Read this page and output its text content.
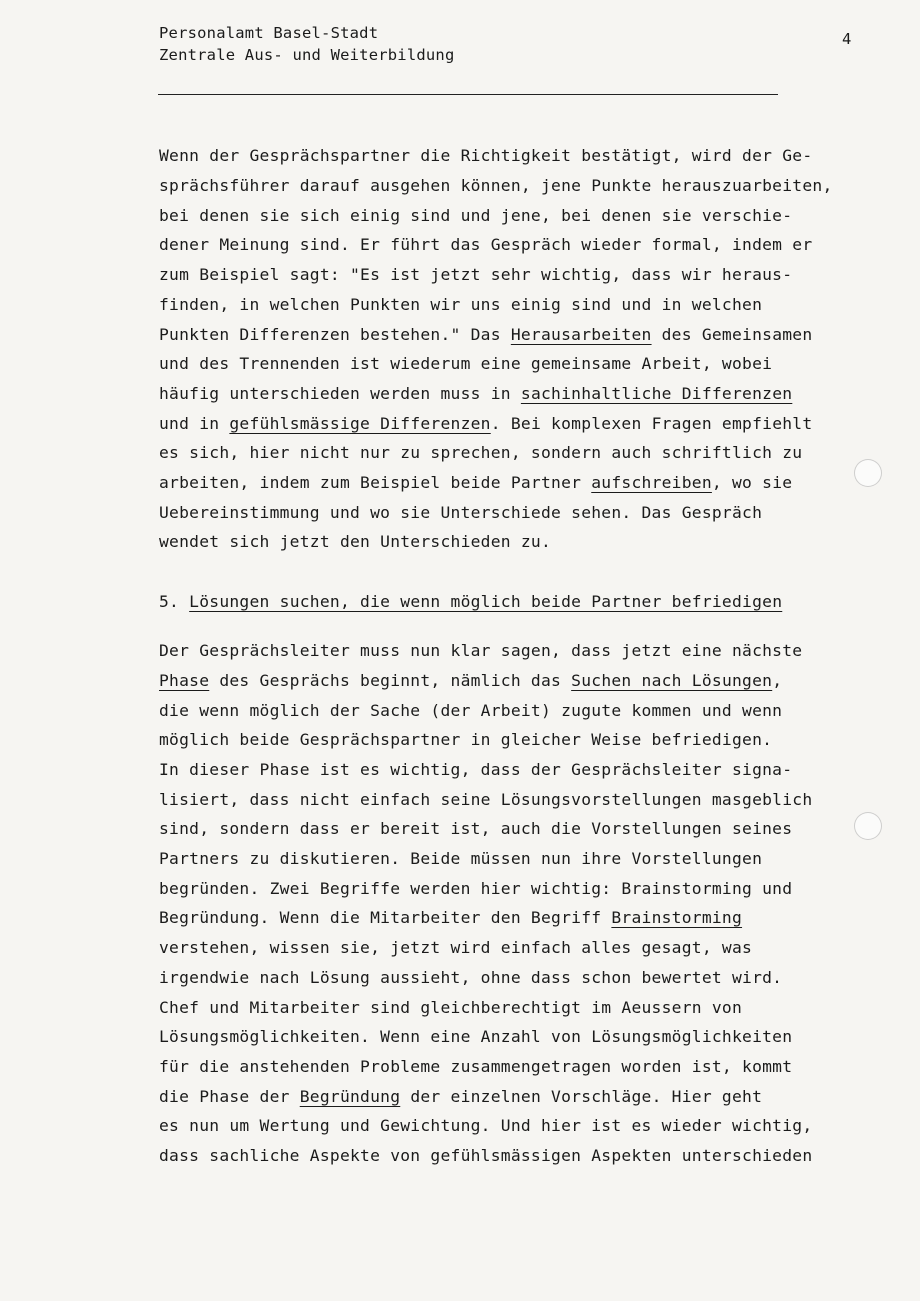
Personalamt Basel-Stadt
Zentrale Aus- und Weiterbildung
4
Wenn der Gesprächspartner die Richtigkeit bestätigt, wird der Ge-
sprächsführer darauf ausgehen können, jene Punkte herauszuarbeiten,
bei denen sie sich einig sind und jene, bei denen sie verschie-
dener Meinung sind. Er führt das Gespräch wieder formal, indem er
zum Beispiel sagt: "Es ist jetzt sehr wichtig, dass wir heraus-
finden, in welchen Punkten wir uns einig sind und in welchen
Punkten Differenzen bestehen." Das Herausarbeiten des Gemeinsamen
und des Trennenden ist wiederum eine gemeinsame Arbeit, wobei
häufig unterschieden werden muss in sachinhaltliche Differenzen
und in gefühlsmässige Differenzen. Bei komplexen Fragen empfiehlt
es sich, hier nicht nur zu sprechen, sondern auch schriftlich zu
arbeiten, indem zum Beispiel beide Partner aufschreiben, wo sie
Uebereinstimmung und wo sie Unterschiede sehen. Das Gespräch
wendet sich jetzt den Unterschieden zu.
5. Lösungen suchen, die wenn möglich beide Partner befriedigen
Der Gesprächsleiter muss nun klar sagen, dass jetzt eine nächste
Phase des Gesprächs beginnt, nämlich das Suchen nach Lösungen,
die wenn möglich der Sache (der Arbeit) zugute kommen und wenn
möglich beide Gesprächspartner in gleicher Weise befriedigen.
In dieser Phase ist es wichtig, dass der Gesprächsleiter signa-
lisiert, dass nicht einfach seine Lösungsvorstellungen masgeblich
sind, sondern dass er bereit ist, auch die Vorstellungen seines
Partners zu diskutieren. Beide müssen nun ihre Vorstellungen
begründen. Zwei Begriffe werden hier wichtig: Brainstorming und
Begründung. Wenn die Mitarbeiter den Begriff Brainstorming
verstehen, wissen sie, jetzt wird einfach alles gesagt, was
irgendwie nach Lösung aussieht, ohne dass schon bewertet wird.
Chef und Mitarbeiter sind gleichberechtigt im Aeussern von
Lösungsmöglichkeiten. Wenn eine Anzahl von Lösungsmöglichkeiten
für die anstehenden Probleme zusammengetragen worden ist, kommt
die Phase der Begründung der einzelnen Vorschläge. Hier geht
es nun um Wertung und Gewichtung. Und hier ist es wieder wichtig,
dass sachliche Aspekte von gefühlsmässigen Aspekten unterschieden
